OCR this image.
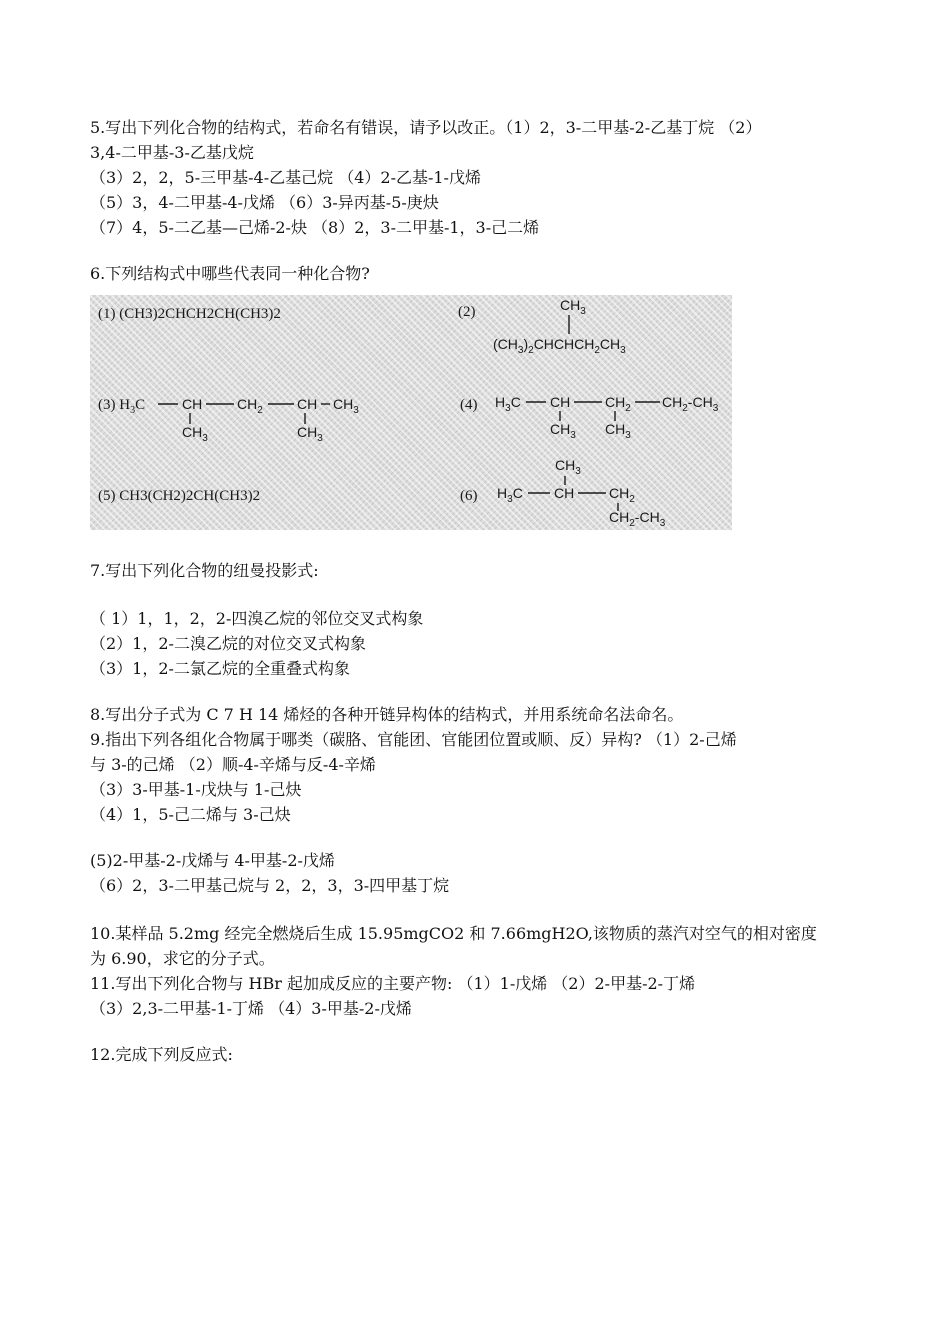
5.写出下列化合物的结构式，若命名有错误，请予以改正。（1）2，3-二甲基-2-乙基丁烷 （2）
3,4-二甲基-3-乙基戊烷
（3）2，2，5-三甲基-4-乙基己烷 （4）2-乙基-1-戊烯
（5）3，4-二甲基-4-戊烯 （6）3-异丙基-5-庚炔
（7）4，5-二乙基—己烯-2-炔 （8）2，3-二甲基-1，3-己二烯
6.下列结构式中哪些代表同一种化合物?
(1) (CH3)2CHCH2CH(CH3)2	(2)	$CH_3$
$(CH_3)_2CHCHCH_2CH_3$
(3) $H_3C$	CH $CH_2$ CH $CH_3$
$CH_3$	$CH_3$
(4) $H_3C$ CH $CH_2$ $CH_2-CH_3$
$CH_3$ $CH_3$
(5) CH3(CH2)2CH(CH3)2	(6)
$CH_3$
$H_3C$ CH $CH_2$
$CH_2-CH_3$
7.写出下列化合物的纽曼投影式:
（ 1）1，1，2，2-四溴乙烷的邻位交叉式构象
（2）1，2-二溴乙烷的对位交叉式构象
（3）1，2-二氯乙烷的全重叠式构象
8.写出分子式为 C 7 H 14 烯烃的各种开链异构体的结构式，并用系统命名法命名。
9.指出下列各组化合物属于哪类（碳胳、官能团、官能团位置或顺、反）异构? （1）2-己烯
与 3-的己烯 （2）顺-4-辛烯与反-4-辛烯
（3）3-甲基-1-戊炔与 1-己炔
（4）1，5-己二烯与 3-己炔
(5)2-甲基-2-戊烯与 4-甲基-2-戊烯
（6）2，3-二甲基己烷与 2，2，3，3-四甲基丁烷
10.某样品 5.2mg 经完全燃烧后生成 15.95mgCO2 和 7.66mgH2O,该物质的蒸汽对空气的相对密度
为 6.90，求它的分子式。
11.写出下列化合物与 HBr 起加成反应的主要产物: （1）1-戊烯 （2）2-甲基-2-丁烯
（3）2,3-二甲基-1-丁烯 （4）3-甲基-2-戊烯
12.完成下列反应式:
